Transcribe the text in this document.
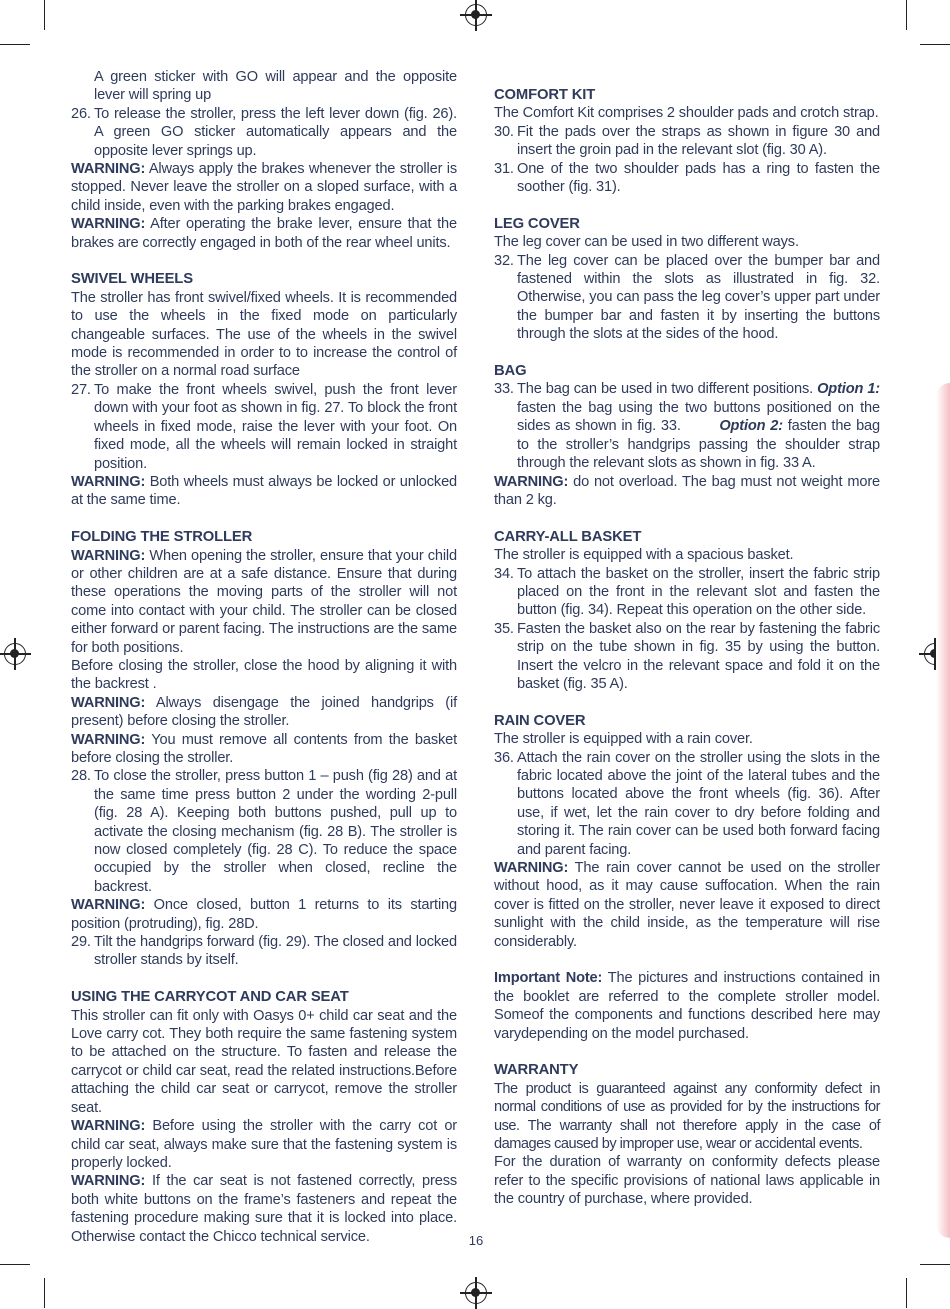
A green sticker with GO will appear and the opposite lever will spring up

26. To release the stroller, press the left lever down (fig. 26). A green GO sticker automatically appears and the opposite lever springs up.

WARNING: Always apply the brakes whenever the stroller is stopped. Never leave the stroller on a sloped surface, with a child inside, even with the parking brakes engaged.

WARNING: After operating the brake lever, ensure that the brakes are correctly engaged in both of the rear wheel units.

SWIVEL WHEELS

The stroller has front swivel/fixed wheels. It is recommended to use the wheels in the fixed mode on particularly changeable surfaces. The use of the wheels in the swivel mode is recommended in order to to increase the control of the stroller on a normal road surface

27. To make the front wheels swivel, push the front lever down with your foot as shown in fig. 27. To block the front wheels in fixed mode, raise the lever with your foot. On fixed mode, all the wheels will remain locked in straight position.

WARNING: Both wheels must always be locked or unlocked at the same time.

FOLDING THE STROLLER

WARNING: When opening the stroller, ensure that your child or other children are at a safe distance. Ensure that during these operations the moving parts of the stroller will not come into contact with your child. The stroller can be closed either forward or parent facing. The instructions are the same for both positions.

Before closing the stroller, close the hood by aligning it with the backrest .

WARNING: Always disengage the joined handgrips (if present) before closing the stroller.

WARNING: You must remove all contents from the basket before closing the stroller.

28. To close the stroller, press button 1 – push (fig 28) and at the same time press button 2 under the wording 2-pull (fig. 28 A). Keeping both buttons pushed, pull up to activate the closing mechanism (fig. 28 B). The stroller is now closed completely (fig. 28 C). To reduce the space occupied by the stroller when closed, recline the backrest.

WARNING: Once closed, button 1 returns to its starting position (protruding), fig. 28D.

29. Tilt the handgrips forward (fig. 29). The closed and locked stroller stands by itself.
USING THE CARRYCOT AND CAR SEAT

This stroller can fit only with Oasys 0+ child car seat and the Love carry cot. They both require the same fastening system to be attached on the structure. To fasten and release the carrycot or child car seat, read the related instructions.Before attaching the child car seat or carrycot, remove the stroller seat.

WARNING: Before using the stroller with the carry cot or child car seat, always make sure that the fastening system is properly locked.

WARNING: If the car seat is not fastened correctly, press both white buttons on the frame’s fasteners and repeat the fastening procedure making sure that it is locked into place. Otherwise contact the Chicco technical service.

COMFORT KIT

The Comfort Kit comprises 2 shoulder pads and crotch strap.

30. Fit the pads over the straps as shown in figure 30 and insert the groin pad in the relevant slot (fig. 30 A).
31. One of the two shoulder pads has a ring to fasten the soother (fig. 31).
LEG COVER

The leg cover can be used in two different ways.

32. The leg cover can be placed over the bumper bar and fastened within the slots as illustrated in fig. 32. Otherwise, you can pass the leg cover’s upper part under the bumper bar and fasten it by inserting the buttons through the slots at the sides of the hood.
BAG
33. The bag can be used in two different positions. Option 1: fasten the bag using the two buttons positioned on the sides as shown in fig. 33.        Option 2: fasten the bag to the stroller’s handgrips passing the shoulder strap through the relevant slots as shown in fig. 33 A.

WARNING: do not overload. The bag must not weight more than 2 kg.

CARRY-ALL BASKET

The stroller is equipped with a spacious basket.

34. To attach the basket on the stroller, insert the fabric strip placed on the front in the relevant slot and fasten the button (fig. 34). Repeat this operation on the other side.
35. Fasten the basket also on the rear by fastening the fabric strip on the tube shown in fig. 35 by using the button. Insert the velcro in the relevant space and fold it on the basket (fig. 35 A).
RAIN COVER

The stroller is equipped with a rain cover.

36. Attach the rain cover on the stroller using the slots in the fabric located above the joint of the lateral tubes and the buttons located above the front wheels (fig. 36). After use, if wet, let the rain cover to dry before folding and storing it. The rain cover can be used both forward facing and parent facing.

WARNING: The rain cover cannot be used on the stroller without hood, as it may cause suffocation. When the rain cover is fitted on the stroller, never leave it exposed to direct sunlight with the child inside, as the temperature will rise considerably.

Important Note: The pictures and instructions contained in the booklet are referred to the complete stroller model. Someof the components and functions described here may varydepending on the model purchased.

WARRANTY

The product is guaranteed against any conformity defect in normal conditions of use as provided for by the instructions for use. The warranty shall not therefore apply in the case of damages caused by improper use, wear or accidental events.

For the duration of warranty on conformity defects please refer to the specific provisions of national laws applicable in the country of purchase, where provided.

16
